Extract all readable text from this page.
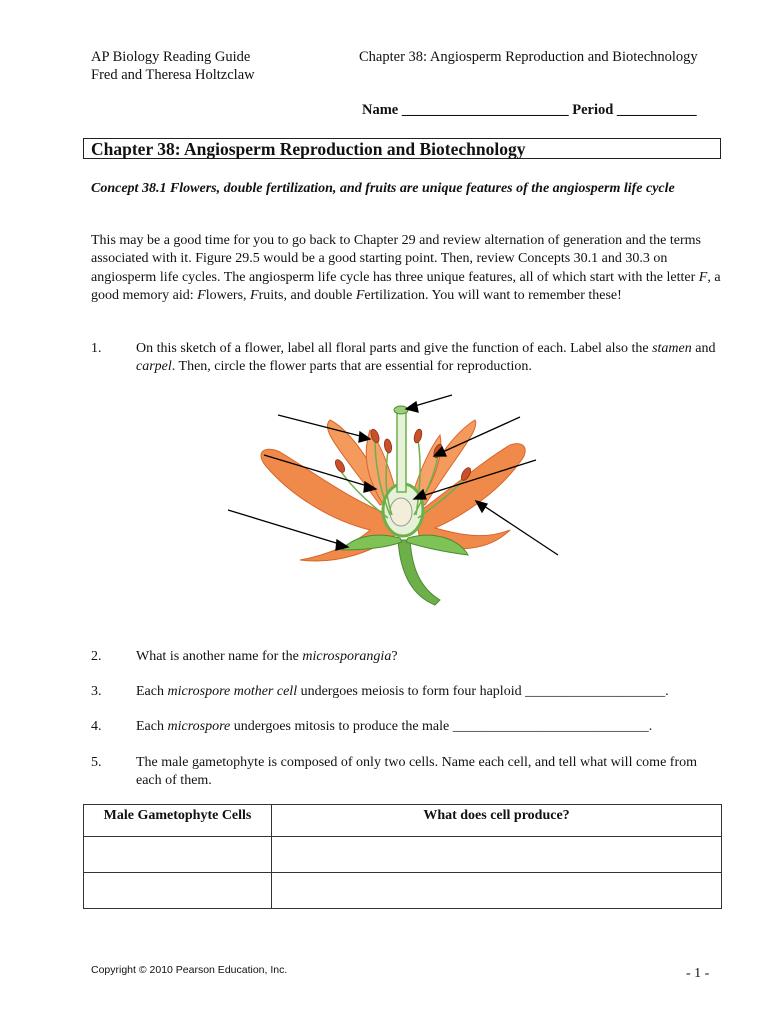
AP Biology Reading Guide
Fred and Theresa Holtzclaw
Chapter 38: Angiosperm Reproduction and Biotechnology
Name _______________________ Period ___________
Chapter 38: Angiosperm Reproduction and Biotechnology
Concept 38.1 Flowers, double fertilization, and fruits are unique features of the angiosperm life cycle
This may be a good time for you to go back to Chapter 29 and review alternation of generation and the terms associated with it. Figure 29.5 would be a good starting point. Then, review Concepts 30.1 and 30.3 on angiosperm life cycles. The angiosperm life cycle has three unique features, all of which start with the letter F, a good memory aid: Flowers, Fruits, and double Fertilization. You will want to remember these!
1. On this sketch of a flower, label all floral parts and give the function of each. Label also the stamen and carpel. Then, circle the flower parts that are essential for reproduction.
2. What is another name for the microsporangia?
3. Each microspore mother cell undergoes meiosis to form four haploid ____________________.
4. Each microspore undergoes mitosis to produce the male ____________________________.
5. The male gametophyte is composed of only two cells. Name each cell, and tell what will come from each of them.
Male Gametophyte Cells	What does cell produce?

Copyright © 2010 Pearson Education, Inc.	- 1 -
